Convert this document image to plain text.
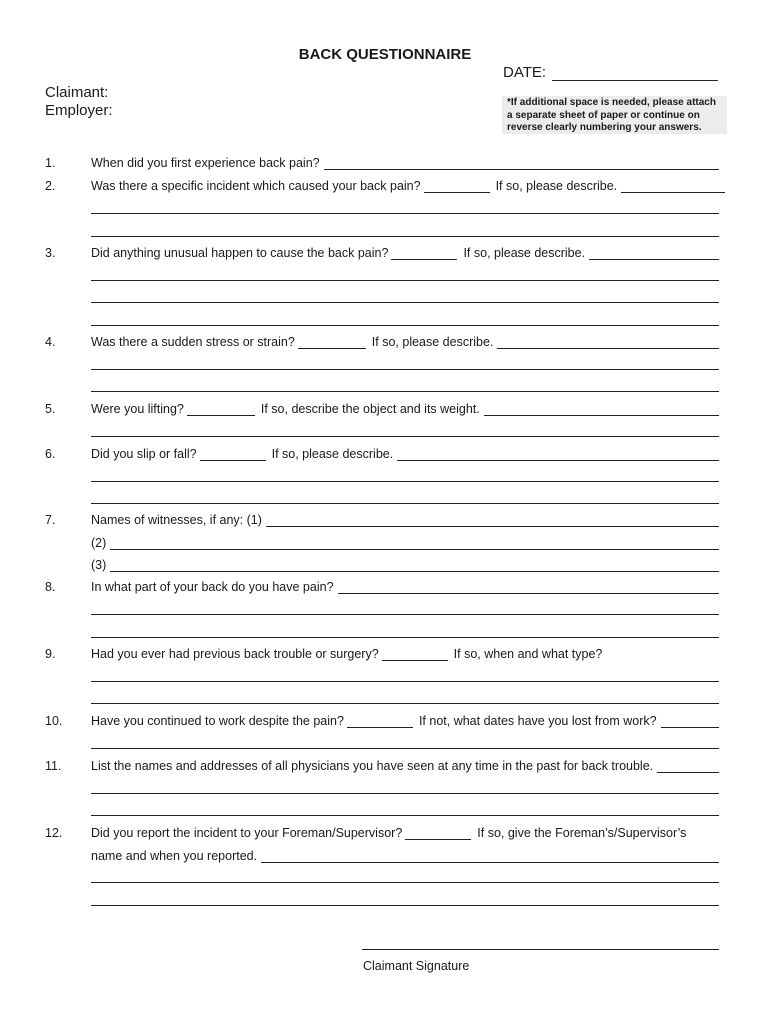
BACK QUESTIONNAIRE
DATE:
Claimant:
Employer:	*If additional space is needed, please attach
a separate sheet of paper or continue on
reverse clearly numbering your answers.
1.	When did you first experience back pain?
2.	Was there a specific incident which caused your back pain?	If so, please describe.
3.	Did anything unusual happen to cause the back pain?	If so, please describe.
4.	Was there a sudden stress or strain?	If so, please describe.
5.	Were you lifting?	If so, describe the object and its weight.
6.	Did you slip or fall?	If so, please describe.
7.	Names of witnesses, if any: (1)
(2)
(3)
8.	In what part of your back do you have pain?
9.	Had you ever had previous back trouble or surgery?	If so, when and what type?
10. Have you continued to work despite the pain?	If not, what dates have you lost from work?
11. List the names and addresses of all physicians you have seen at any time in the past for back trouble.
12. Did you report the incident to your Foreman/Supervisor?	If so, give the Foreman’s/Supervisor’s
name and when you reported.
Claimant Signature
